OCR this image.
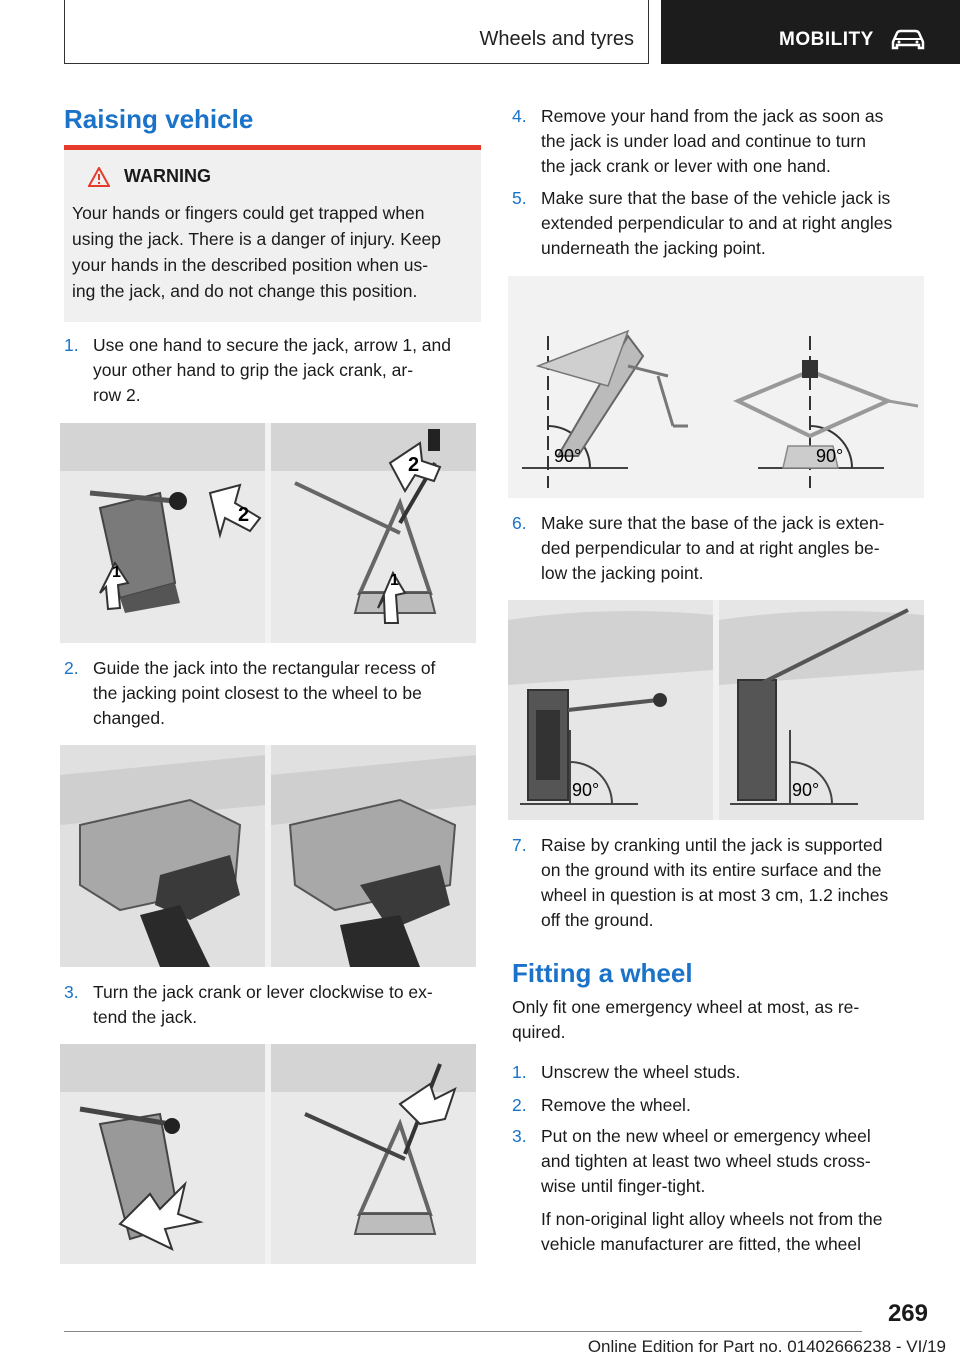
Wheels and tyres	MOBILITY
Raising vehicle
WARNING
Your hands or fingers could get trapped when
using the jack. There is a danger of injury. Keep
your hands in the described position when us‐
ing the jack, and do not change this position.
1. Use one hand to secure the jack, arrow 1, and
your other hand to grip the jack crank, ar‐
row 2.
1
2
2
1
2. Guide the jack into the rectangular recess of
the jacking point closest to the wheel to be
changed.
3. Turn the jack crank or lever clockwise to ex‐
tend the jack.
4. Remove your hand from the jack as soon as
the jack is under load and continue to turn
the jack crank or lever with one hand.
5. Make sure that the base of the vehicle jack is
extended perpendicular to and at right angles
underneath the jacking point.
90°	90°
6. Make sure that the base of the jack is exten‐
ded perpendicular to and at right angles be‐
low the jacking point.
90°	90°
7. Raise by cranking until the jack is supported
on the ground with its entire surface and the
wheel in question is at most 3 cm, 1.2 inches
off the ground.
Fitting a wheel
Only fit one emergency wheel at most, as re‐
quired.
1. Unscrew the wheel studs.
2. Remove the wheel.
3. Put on the new wheel or emergency wheel
and tighten at least two wheel studs cross‐
wise until finger-tight.
If non-original light alloy wheels not from the
vehicle manufacturer are fitted, the wheel
269
Online Edition for Part no. 01402666238 - VI/19
